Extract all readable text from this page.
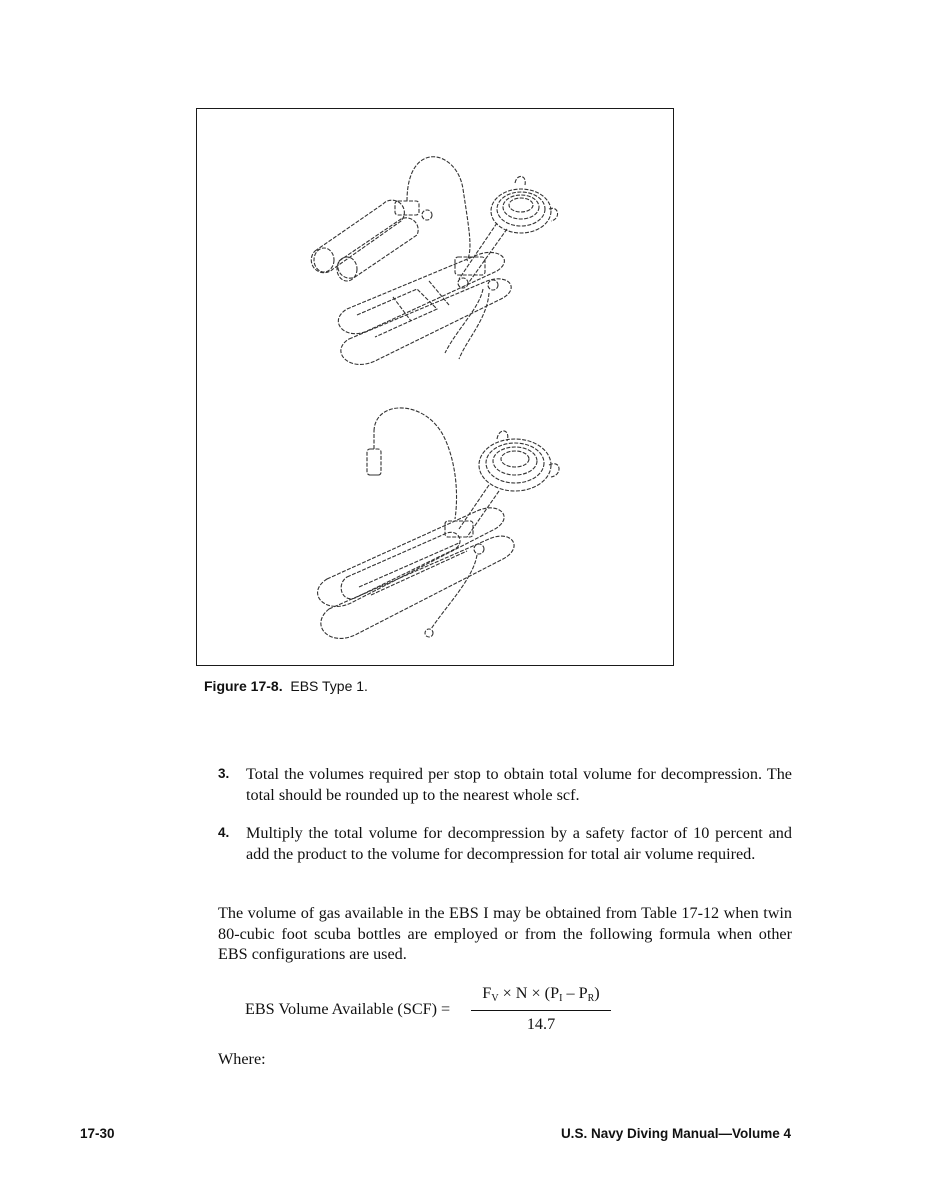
Figure 17-8. EBS Type 1.
3. Total the volumes required per stop to obtain total volume for decompression. The total should be rounded up to the nearest whole scf.
4. Multiply the total volume for decompression by a safety factor of 10 percent and add the product to the volume for decompression for total air volume required.
The volume of gas available in the EBS I may be obtained from Table 17-12 when twin 80-cubic foot scuba bottles are employed or from the following formula when other EBS configurations are used.
EBS Volume Available (SCF) =
$F_V \times N \times (P_I - P_R)$
14.7
Where:
17-30	U.S. Navy Diving Manual—Volume 4
